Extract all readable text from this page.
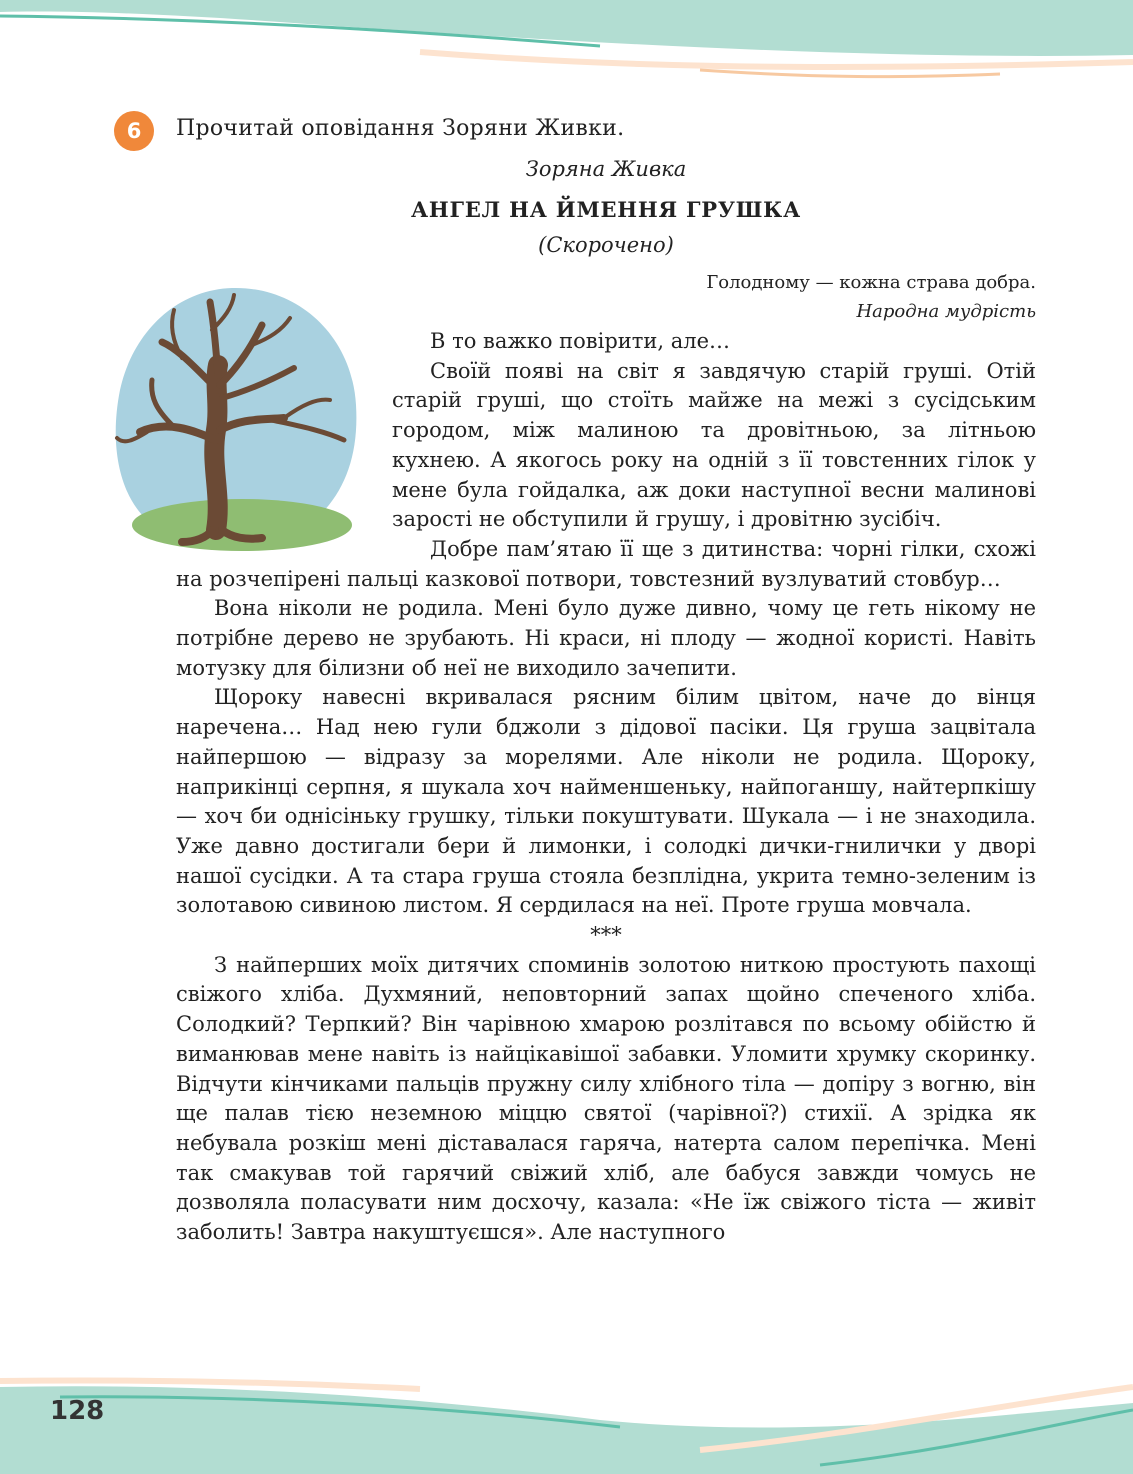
6	Прочитай оповідання Зоряни Живки.
Зоряна Живка
АНГЕЛ НА ЙМЕННЯ ГРУШКА
(Скорочено)
Голодному — кожна страва добра.
Народна мудрість

В то важко повірити, але…

Своїй появі на світ я завдячую старій груші. Отій старій груші, що стоїть майже на межі з сусідським городом, між малиною та дровітньою, за літньою кухнею. А якогось року на одній з її товстенних гілок у мене була гойдалка, аж доки наступної весни малинові зарості не обступили й грушу, і дровітню зусібіч.

Добре пам’ятаю її ще з дитинства: чорні гілки, схожі на розчепірені пальці казкової потвори, товстезний вузлуватий стовбур…

Вона ніколи не родила. Мені було дуже дивно, чому це геть нікому не потрібне дерево не зрубають. Ні краси, ні плоду — жодної користі. Навіть мотузку для білизни об неї не виходило зачепити.

Щороку навесні вкривалася рясним білим цвітом, наче до вінця наречена… Над нею гули бджоли з дідової пасіки. Ця груша зацвітала найпершою — відразу за морелями. Але ніколи не родила. Щороку, наприкінці серпня, я шукала хоч найменшеньку, найпоганшу, найтерпкішу — хоч би однісіньку грушку, тільки покуштувати. Шукала — і не знаходила. Уже давно достигали бери й лимонки, і солодкі дички-гнилички у дворі нашої сусідки. А та стара груша стояла безплідна, укрита темно-зеленим із золотавою сивиною листом. Я сердилася на неї. Проте груша мовчала.

***

З найперших моїх дитячих споминів золотою ниткою простують пахощі свіжого хліба. Духмяний, неповторний запах щойно спеченого хліба. Солодкий? Терпкий? Він чарівною хмарою розлітався по всьому обійстю й виманював мене навіть із найцікавішої забавки. Уломити хрумку скоринку. Відчути кінчиками пальців пружну силу хлібного тіла — допіру з вогню, він ще палав тією неземною міццю святої (чарівної?) стихії. А зрідка як небувала розкіш мені діставалася гаряча, натерта салом перепічка. Мені так смакував той гарячий свіжий хліб, але бабуся завжди чомусь не дозволяла поласувати ним досхочу, казала: «Не їж свіжого тіста — живіт заболить! Завтра накуштуєшся». Але наступного

128
